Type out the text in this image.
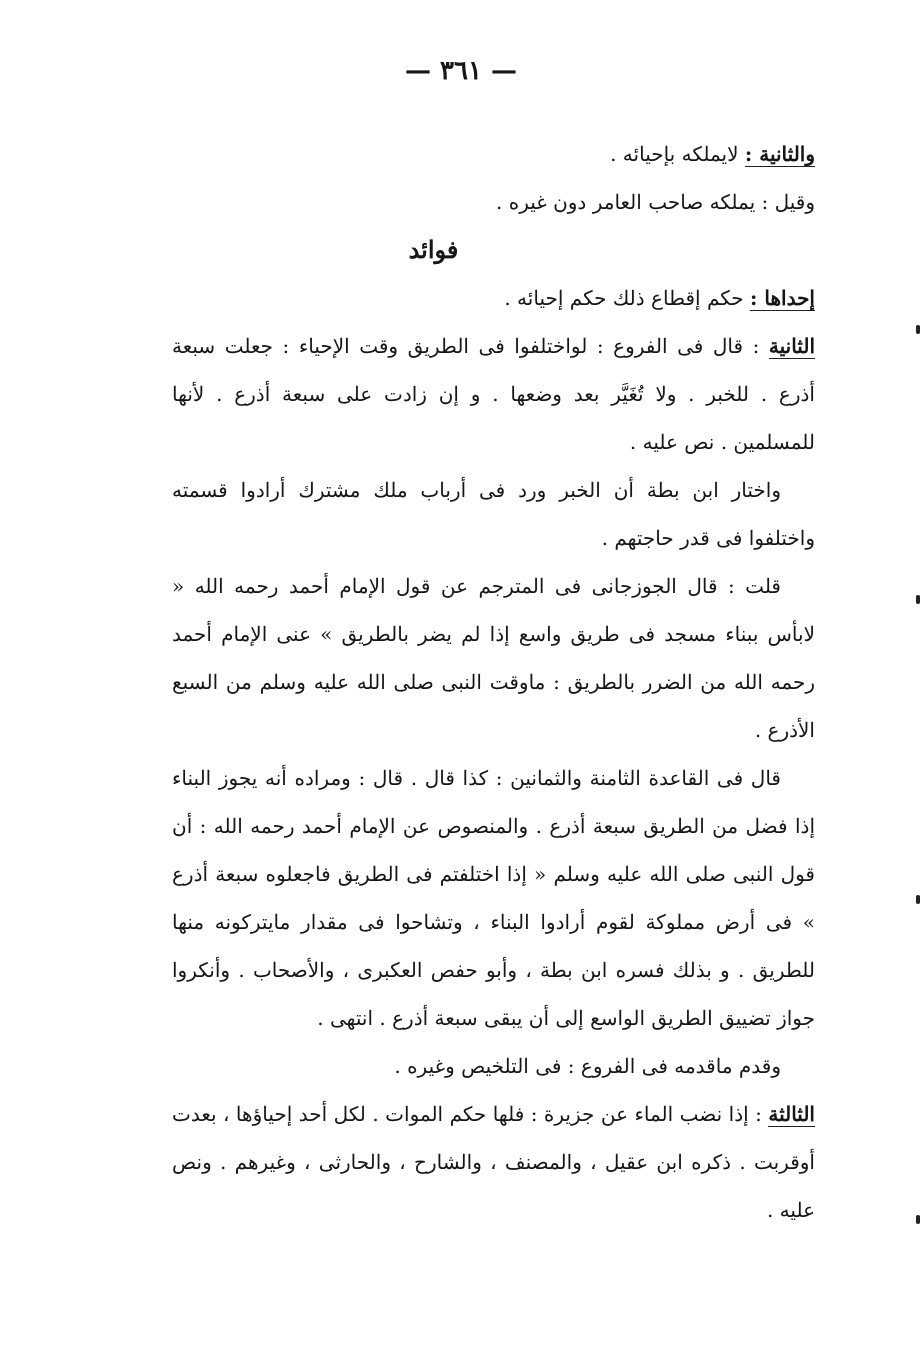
— ٣٦١ —

والثانية : لايملكه بإحيائه .

وقيل : يملكه صاحب العامر دون غيره .

فوائد

إحداها : حكم إقطاع ذلك حكم إحيائه .

الثانية : قال فى الفروع : لواختلفوا فى الطريق وقت الإحياء : جعلت سبعة أذرع . للخبر . ولا تُغَيَّر بعد وضعها . و إن زادت على سبعة أذرع . لأنها للمسلمين . نص عليه .

واختار ابن بطة أن الخبر ورد فى أرباب ملك مشترك أرادوا قسمته واختلفوا فى قدر حاجتهم .

قلت : قال الجوزجانى فى المترجم عن قول الإمام أحمد رحمه الله « لابأس ببناء مسجد فى طريق واسع إذا لم يضر بالطريق » عنى الإمام أحمد رحمه الله من الضرر بالطريق : ماوقت النبى صلى الله عليه وسلم من السبع الأذرع .

قال فى القاعدة الثامنة والثمانين : كذا قال . قال : ومراده أنه يجوز البناء إذا فضل من الطريق سبعة أذرع . والمنصوص عن الإمام أحمد رحمه الله : أن قول النبى صلى الله عليه وسلم « إذا اختلفتم فى الطريق فاجعلوه سبعة أذرع » فى أرض مملوكة لقوم أرادوا البناء ، وتشاحوا فى مقدار مايتركونه منها للطريق . و بذلك فسره ابن بطة ، وأبو حفص العكبرى ، والأصحاب . وأنكروا جواز تضييق الطريق الواسع إلى أن يبقى سبعة أذرع . انتهى .

وقدم ماقدمه فى الفروع : فى التلخيص وغيره .

الثالثة : إذا نضب الماء عن جزيرة : فلها حكم الموات . لكل أحد إحياؤها ، بعدت أوقربت . ذكره ابن عقيل ، والمصنف ، والشارح ، والحارثى ، وغيرهم . ونص عليه .
